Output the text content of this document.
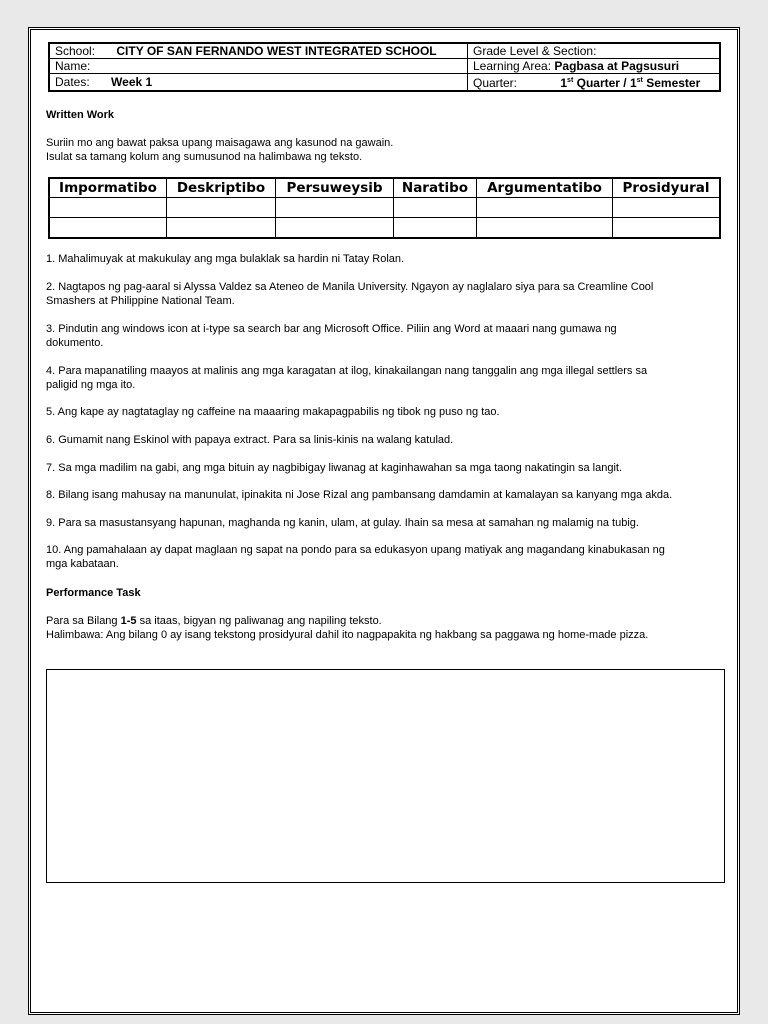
School: CITY OF SAN FERNANDO WEST INTEGRATED SCHOOL	Grade Level & Section:
Name:	Learning Area: Pagbasa at Pagsusuri
Dates: Week 1	Quarter: 1st Quarter / 1st Semester
Written Work
Suriin mo ang bawat paksa upang maisagawa ang kasunod na gawain.
Isulat sa tamang kolum ang sumusunod na halimbawa ng teksto.
Impormatibo	Deskriptibo	Persuweysib	Naratibo	Argumentatibo	Prosidyural

1. Mahalimuyak at makukulay ang mga bulaklak sa hardin ni Tatay Rolan.
2. Nagtapos ng pag-aaral si Alyssa Valdez sa Ateneo de Manila University. Ngayon ay naglalaro siya para sa Creamline Cool
Smashers at Philippine National Team.
3. Pindutin ang windows icon at i-type sa search bar ang Microsoft Office. Piliin ang Word at maaari nang gumawa ng
dokumento.
4. Para mapanatiling maayos at malinis ang mga karagatan at ilog, kinakailangan nang tanggalin ang mga illegal settlers sa
paligid ng mga ito.
5. Ang kape ay nagtataglay ng caffeine na maaaring makapagpabilis ng tibok ng puso ng tao.
6. Gumamit nang Eskinol with papaya extract. Para sa linis-kinis na walang katulad.
7. Sa mga madilim na gabi, ang mga bituin ay nagbibigay liwanag at kaginhawahan sa mga taong nakatingin sa langit.
8. Bilang isang mahusay na manunulat, ipinakita ni Jose Rizal ang pambansang damdamin at kamalayan sa kanyang mga akda.
9. Para sa masustansyang hapunan, maghanda ng kanin, ulam, at gulay. Ihain sa mesa at samahan ng malamig na tubig.
10. Ang pamahalaan ay dapat maglaan ng sapat na pondo para sa edukasyon upang matiyak ang magandang kinabukasan ng
mga kabataan.
Performance Task
Para sa Bilang 1-5 sa itaas, bigyan ng paliwanag ang napiling teksto.
Halimbawa: Ang bilang 0 ay isang tekstong prosidyural dahil ito nagpapakita ng hakbang sa paggawa ng home-made pizza.
